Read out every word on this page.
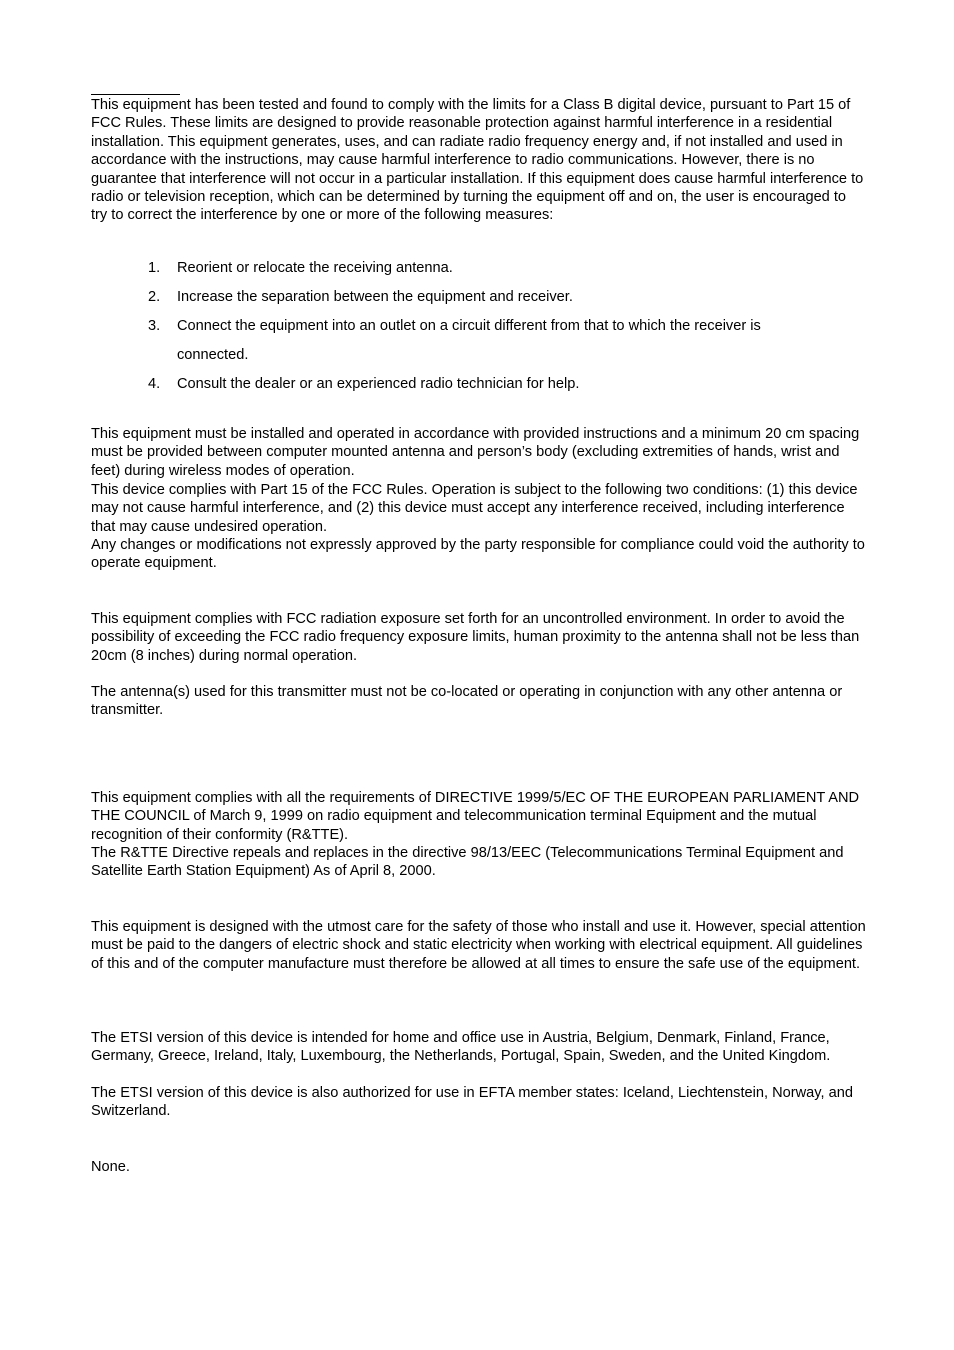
This equipment has been tested and found to comply with the limits for a Class B digital device, pursuant to Part 15 of FCC Rules. These limits are designed to provide reasonable protection against harmful interference in a residential installation. This equipment generates, uses, and can radiate radio frequency energy and, if not installed and used in accordance with the instructions, may cause harmful interference to radio communications. However, there is no guarantee that interference will not occur in a particular installation. If this equipment does cause harmful interference to radio or television reception, which can be determined by turning the equipment off and on, the user is encouraged to try to correct the interference by one or more of the following measures:

1. Reorient or relocate the receiving antenna.
2. Increase the separation between the equipment and receiver.
3. Connect the equipment into an outlet on a circuit different from that to which the receiver is connected.
4. Consult the dealer or an experienced radio technician for help.

This equipment must be installed and operated in accordance with provided instructions and a minimum 20 cm spacing must be provided between computer mounted antenna and person’s body (excluding extremities of hands, wrist and feet) during wireless modes of operation.

This device complies with Part 15 of the FCC Rules. Operation is subject to the following two conditions: (1) this device may not cause harmful interference, and (2) this device must accept any interference received, including interference that may cause undesired operation.

Any changes or modifications not expressly approved by the party responsible for compliance could void the authority to operate equipment.

This equipment complies with FCC radiation exposure set forth for an uncontrolled environment. In order to avoid the possibility of exceeding the FCC radio frequency exposure limits, human proximity to the antenna shall not be less than 20cm (8 inches) during normal operation.

The antenna(s) used for this transmitter must not be co-located or operating in conjunction with any other antenna or transmitter.

This equipment complies with all the requirements of DIRECTIVE 1999/5/EC OF THE EUROPEAN PARLIAMENT AND THE COUNCIL of March 9, 1999 on radio equipment and telecommunication terminal Equipment and the mutual recognition of their conformity (R&TTE).

The R&TTE Directive repeals and replaces in the directive 98/13/EEC (Telecommunications Terminal Equipment and Satellite Earth Station Equipment) As of April 8, 2000.

This equipment is designed with the utmost care for the safety of those who install and use it. However, special attention must be paid to the dangers of electric shock and static electricity when working with electrical equipment. All guidelines of this and of the computer manufacture must therefore be allowed at all times to ensure the safe use of the equipment.

The ETSI version of this device is intended for home and office use in Austria, Belgium, Denmark, Finland, France, Germany, Greece, Ireland, Italy, Luxembourg, the Netherlands, Portugal, Spain, Sweden, and the United Kingdom.

The ETSI version of this device is also authorized for use in EFTA member states: Iceland, Liechtenstein, Norway, and Switzerland.

None.
